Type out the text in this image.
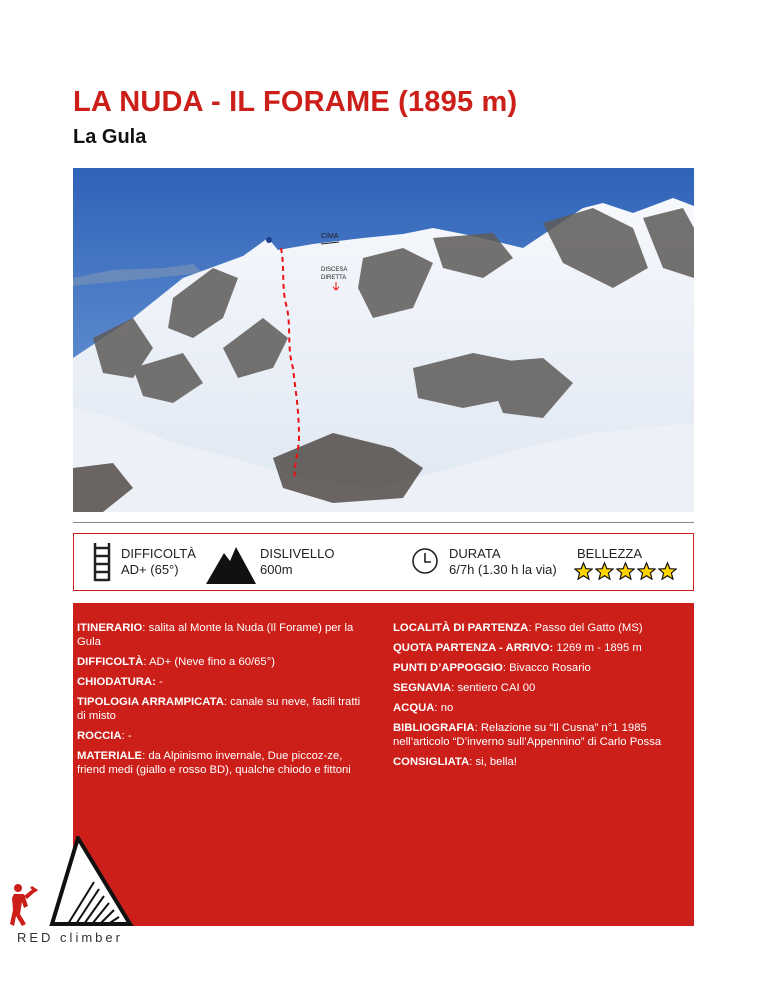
LA NUDA - IL FORAME (1895 m)
La Gula
CIMA
DISCESA
DIRETTA
DIFFICOLTÀ
AD+ (65°)
DISLIVELLO
600m
DURATA
6/7h (1.30 h la via)
BELLEZZA

ITINERARIO: salita al Monte la Nuda (Il Forame) per la Gula

DIFFICOLTÀ: AD+ (Neve fino a 60/65°)

CHIODATURA: -

TIPOLOGIA ARRAMPICATA: canale su neve, facili tratti di misto

ROCCIA: -

MATERIALE: da Alpinismo invernale, Due piccoz-ze, friend medi (giallo e rosso BD), qualche chiodo e fittoni

LOCALITÀ DI PARTENZA: Passo del Gatto (MS)

QUOTA PARTENZA - ARRIVO: 1269 m - 1895 m

PUNTI D’APPOGGIO: Bivacco Rosario

SEGNAVIA: sentiero CAI 00

ACQUA: no

BIBLIOGRAFIA: Relazione su “Il Cusna” n°1 1985 nell’articolo “D’inverno sull’Appennino” di Carlo Possa

CONSIGLIATA: si, bella!

RED climber
